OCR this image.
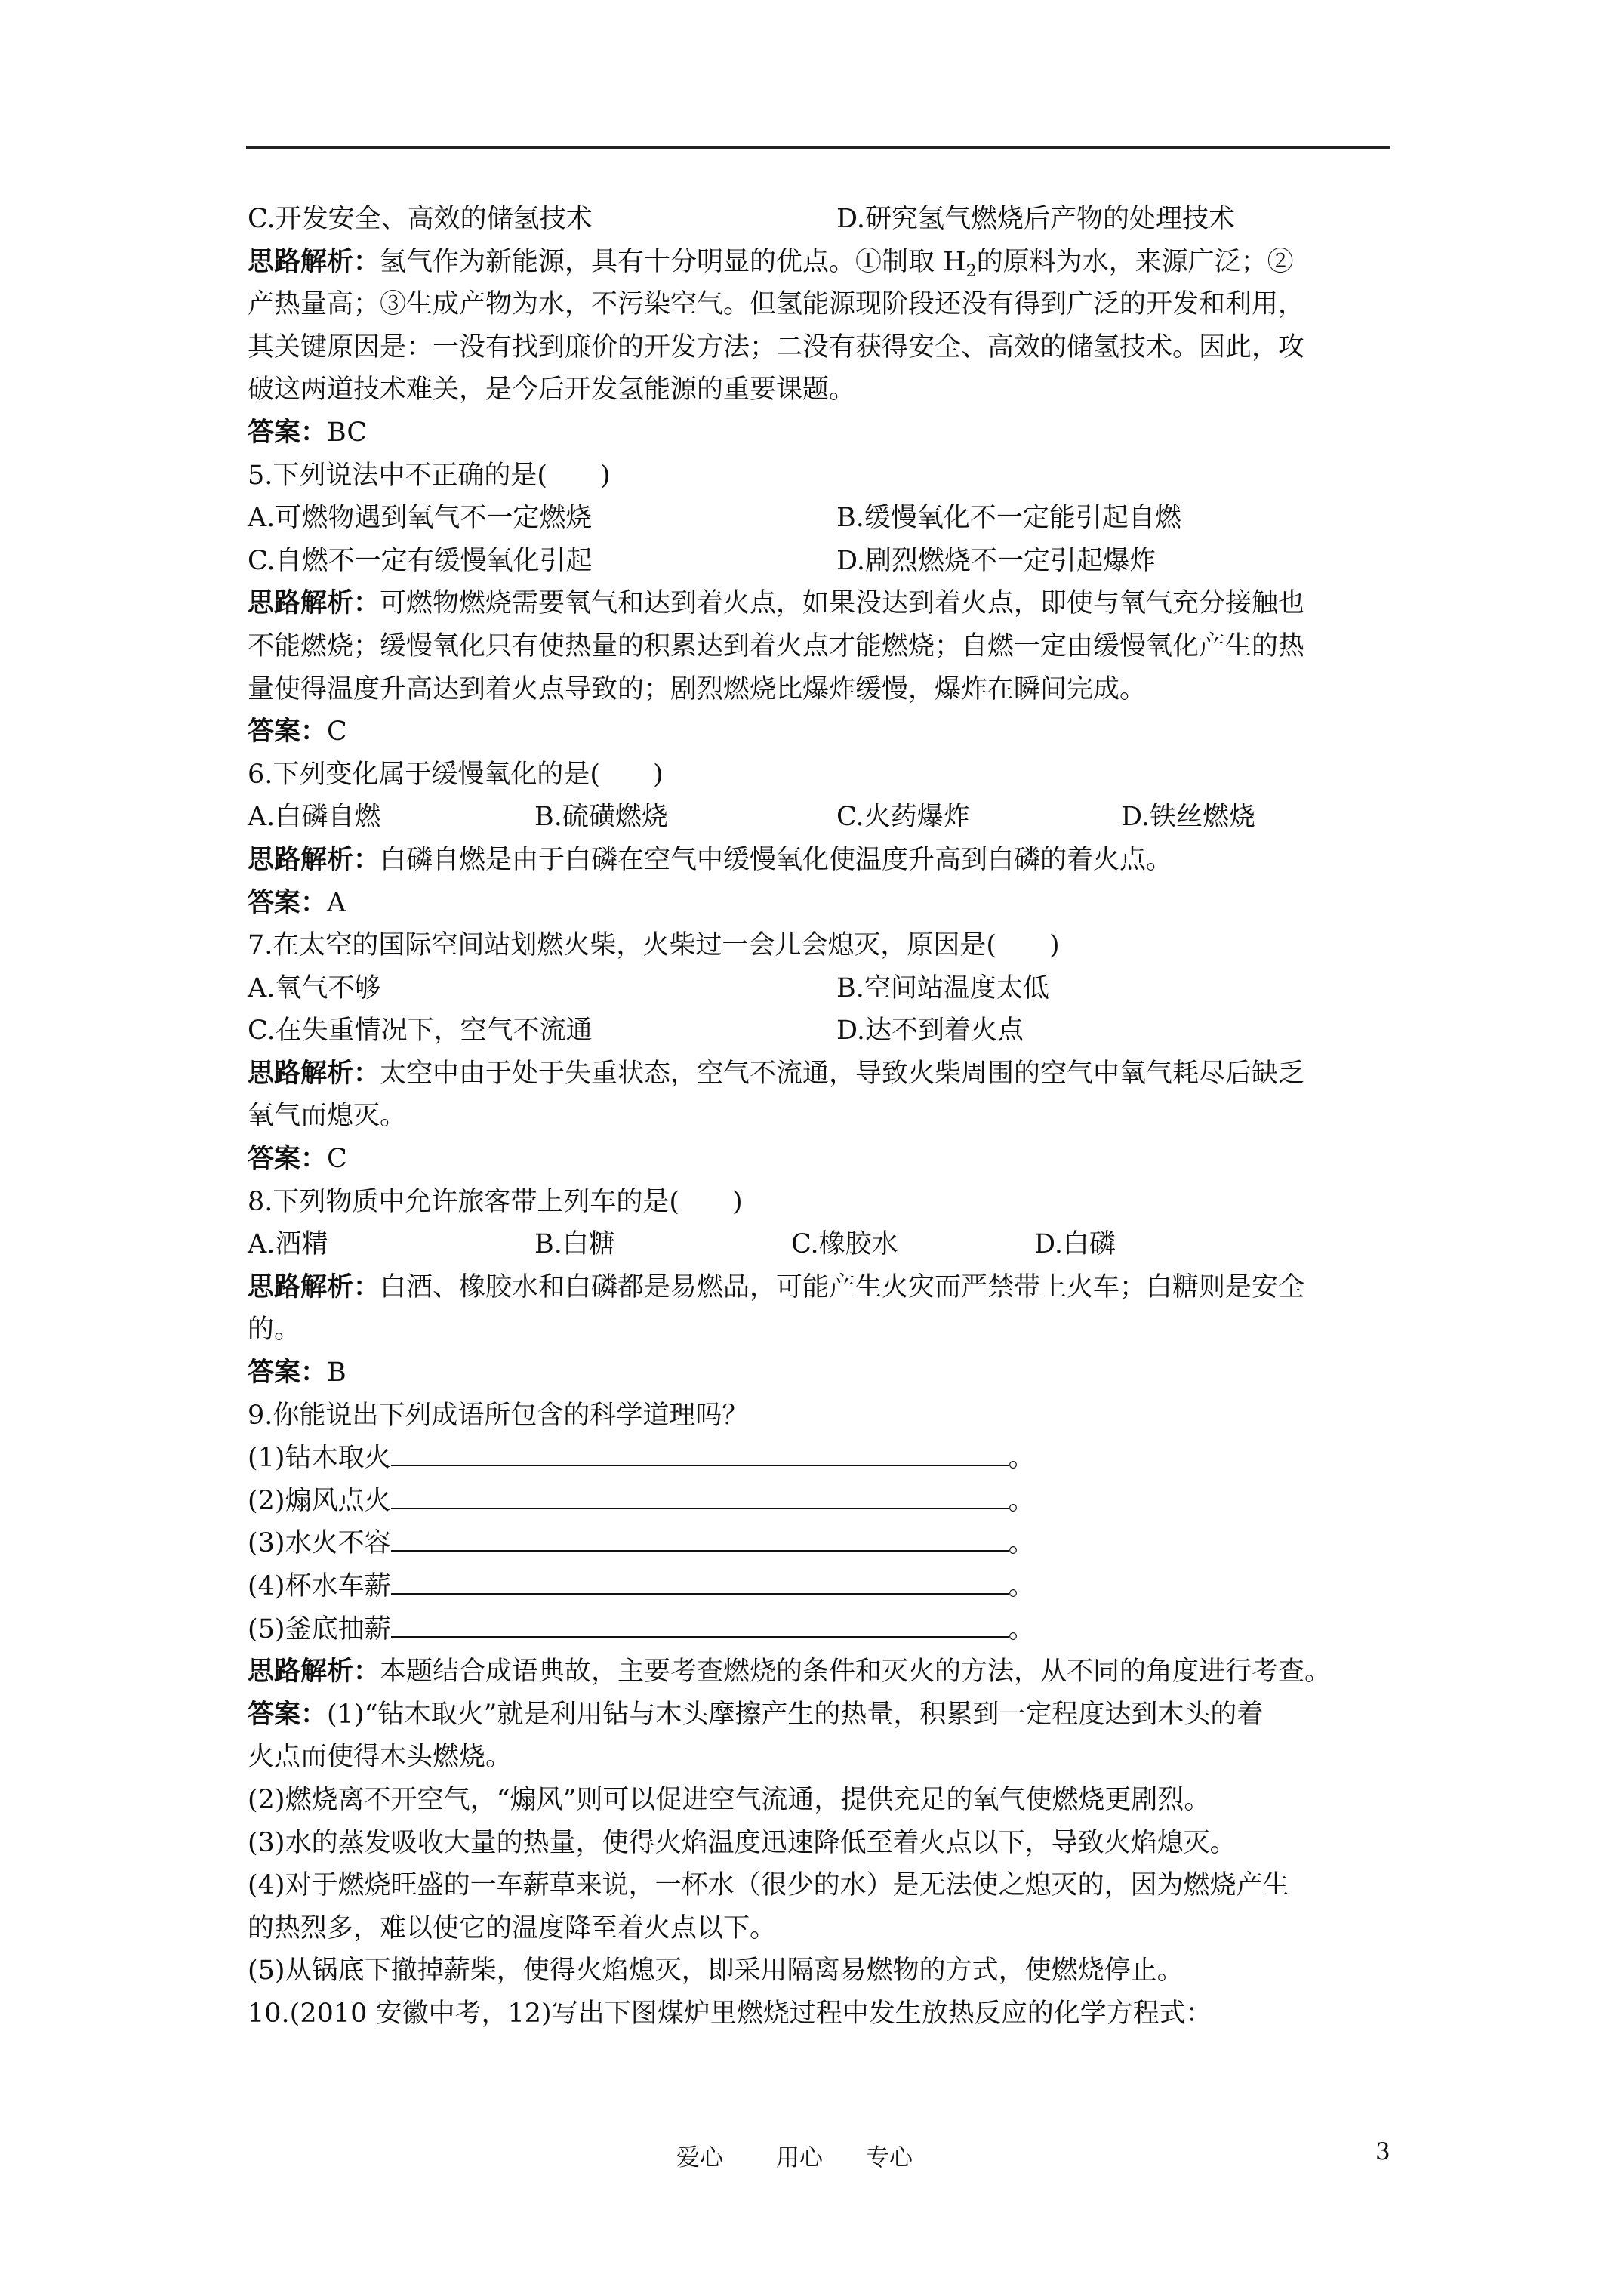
C.开发安全、高效的储氢技术	D.研究氢气燃烧后产物的处理技术
思路解析：氢气作为新能源，具有十分明显的优点。①制取 $H_2$的原料为水，来源广泛；②
产热量高；③生成产物为水，不污染空气。但氢能源现阶段还没有得到广泛的开发和利用，
其关键原因是：一没有找到廉价的开发方法；二没有获得安全、高效的储氢技术。因此，攻
破这两道技术难关，是今后开发氢能源的重要课题。
答案：BC
5.下列说法中不正确的是(　　)
A.可燃物遇到氧气不一定燃烧	B.缓慢氧化不一定能引起自燃
C.自燃不一定有缓慢氧化引起	D.剧烈燃烧不一定引起爆炸
思路解析：可燃物燃烧需要氧气和达到着火点，如果没达到着火点，即使与氧气充分接触也
不能燃烧；缓慢氧化只有使热量的积累达到着火点才能燃烧；自燃一定由缓慢氧化产生的热
量使得温度升高达到着火点导致的；剧烈燃烧比爆炸缓慢，爆炸在瞬间完成。
答案：C
6.下列变化属于缓慢氧化的是(　　)
A.白磷自燃	B.硫磺燃烧	C.火药爆炸	D.铁丝燃烧
思路解析：白磷自燃是由于白磷在空气中缓慢氧化使温度升高到白磷的着火点。
答案：A
7.在太空的国际空间站划燃火柴，火柴过一会儿会熄灭，原因是(　　)
A.氧气不够	B.空间站温度太低
C.在失重情况下，空气不流通	D.达不到着火点
思路解析：太空中由于处于失重状态，空气不流通，导致火柴周围的空气中氧气耗尽后缺乏
氧气而熄灭。
答案：C
8.下列物质中允许旅客带上列车的是(　　)
A.酒精	B.白糖	C.橡胶水	D.白磷
思路解析：白酒、橡胶水和白磷都是易燃品，可能产生火灾而严禁带上火车；白糖则是安全
的。
答案：B
9.你能说出下列成语所包含的科学道理吗？
(1)钻木取火	。
(2)煽风点火	。
(3)水火不容	。
(4)杯水车薪	。
(5)釜底抽薪	。
思路解析：本题结合成语典故，主要考查燃烧的条件和灭火的方法，从不同的角度进行考查。
答案：(1)“钻木取火”就是利用钻与木头摩擦产生的热量，积累到一定程度达到木头的着
火点而使得木头燃烧。
(2)燃烧离不开空气，“煽风”则可以促进空气流通，提供充足的氧气使燃烧更剧烈。
(3)水的蒸发吸收大量的热量，使得火焰温度迅速降低至着火点以下，导致火焰熄灭。
(4)对于燃烧旺盛的一车薪草来说，一杯水（很少的水）是无法使之熄灭的，因为燃烧产生
的热烈多，难以使它的温度降至着火点以下。
(5)从锅底下撤掉薪柴，使得火焰熄灭，即采用隔离易燃物的方式，使燃烧停止。
10.(2010 安徽中考，12)写出下图煤炉里燃烧过程中发生放热反应的化学方程式：
爱心 用心 专心	3
